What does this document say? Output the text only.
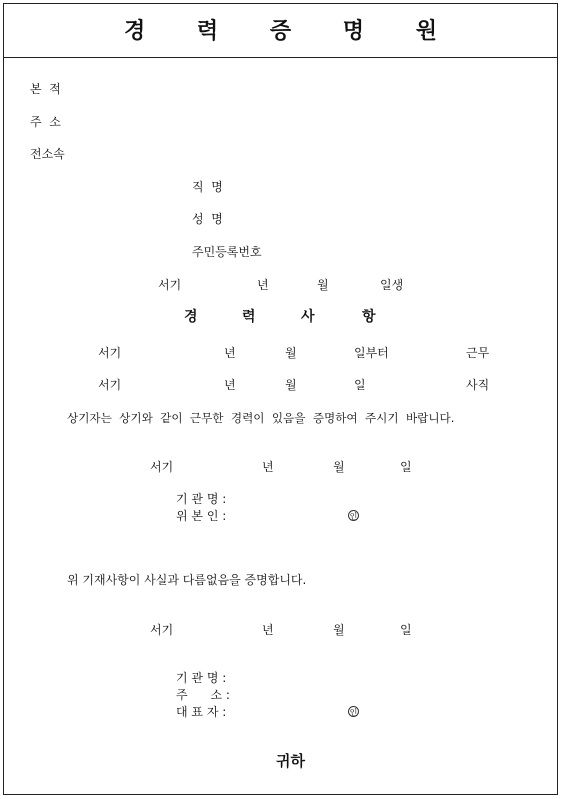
경 력 증 명 원
본  적
주  소
전소속
직  명
성  명
주민등록번호
서기	년	월	일생
경	력	사	항
서기	년	월	일부터	근무
서기	년	월	일	사직
상기자는  상기와  같이  근무한  경력이  있음을  증명하여  주시기  바랍니다.
서기	년	월	일
기 관 명 :
위 본 인 :	인
위 기재사항이 사실과 다름없음을 증명합니다.
서기	년	월	일
기 관 명 :
주      소 :
대 표 자 :	인
귀하
